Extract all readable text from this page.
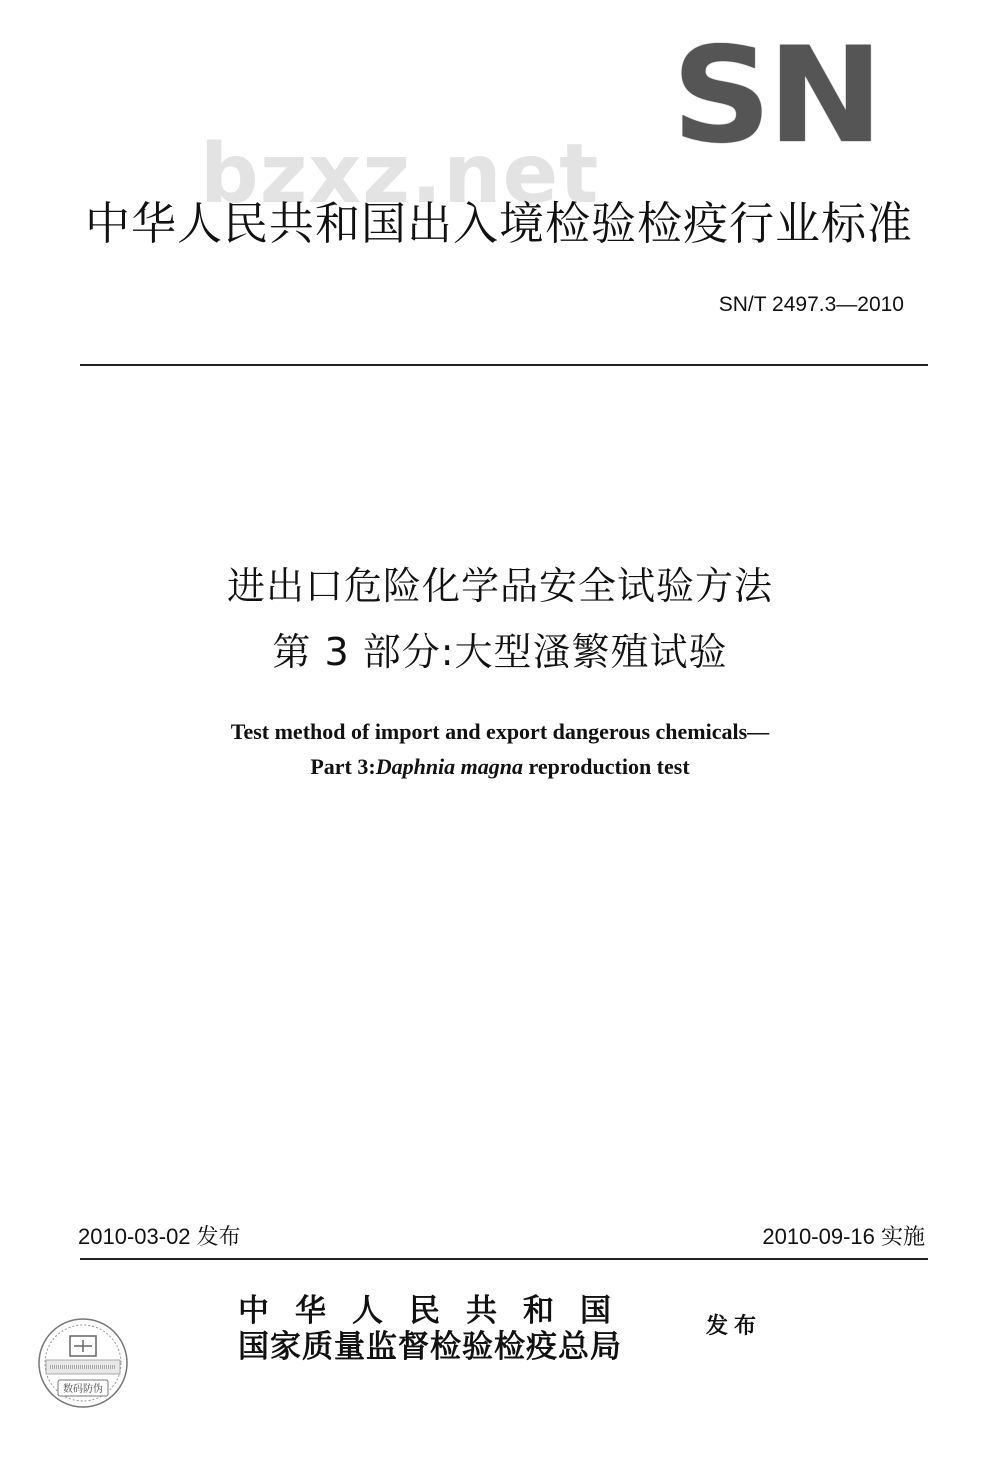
SN
bzxz.net
中华人民共和国出入境检验检疫行业标准
SN/T 2497.3—2010
进出口危险化学品安全试验方法
第 3 部分:大型溞繁殖试验
Test method of import and export dangerous chemicals—
Part 3:Daphnia magna reproduction test
2010-03-02 发布	2010-09-16 实施
中华人民共和国
国家质量监督检验检疫总局
发布
数码防伪
